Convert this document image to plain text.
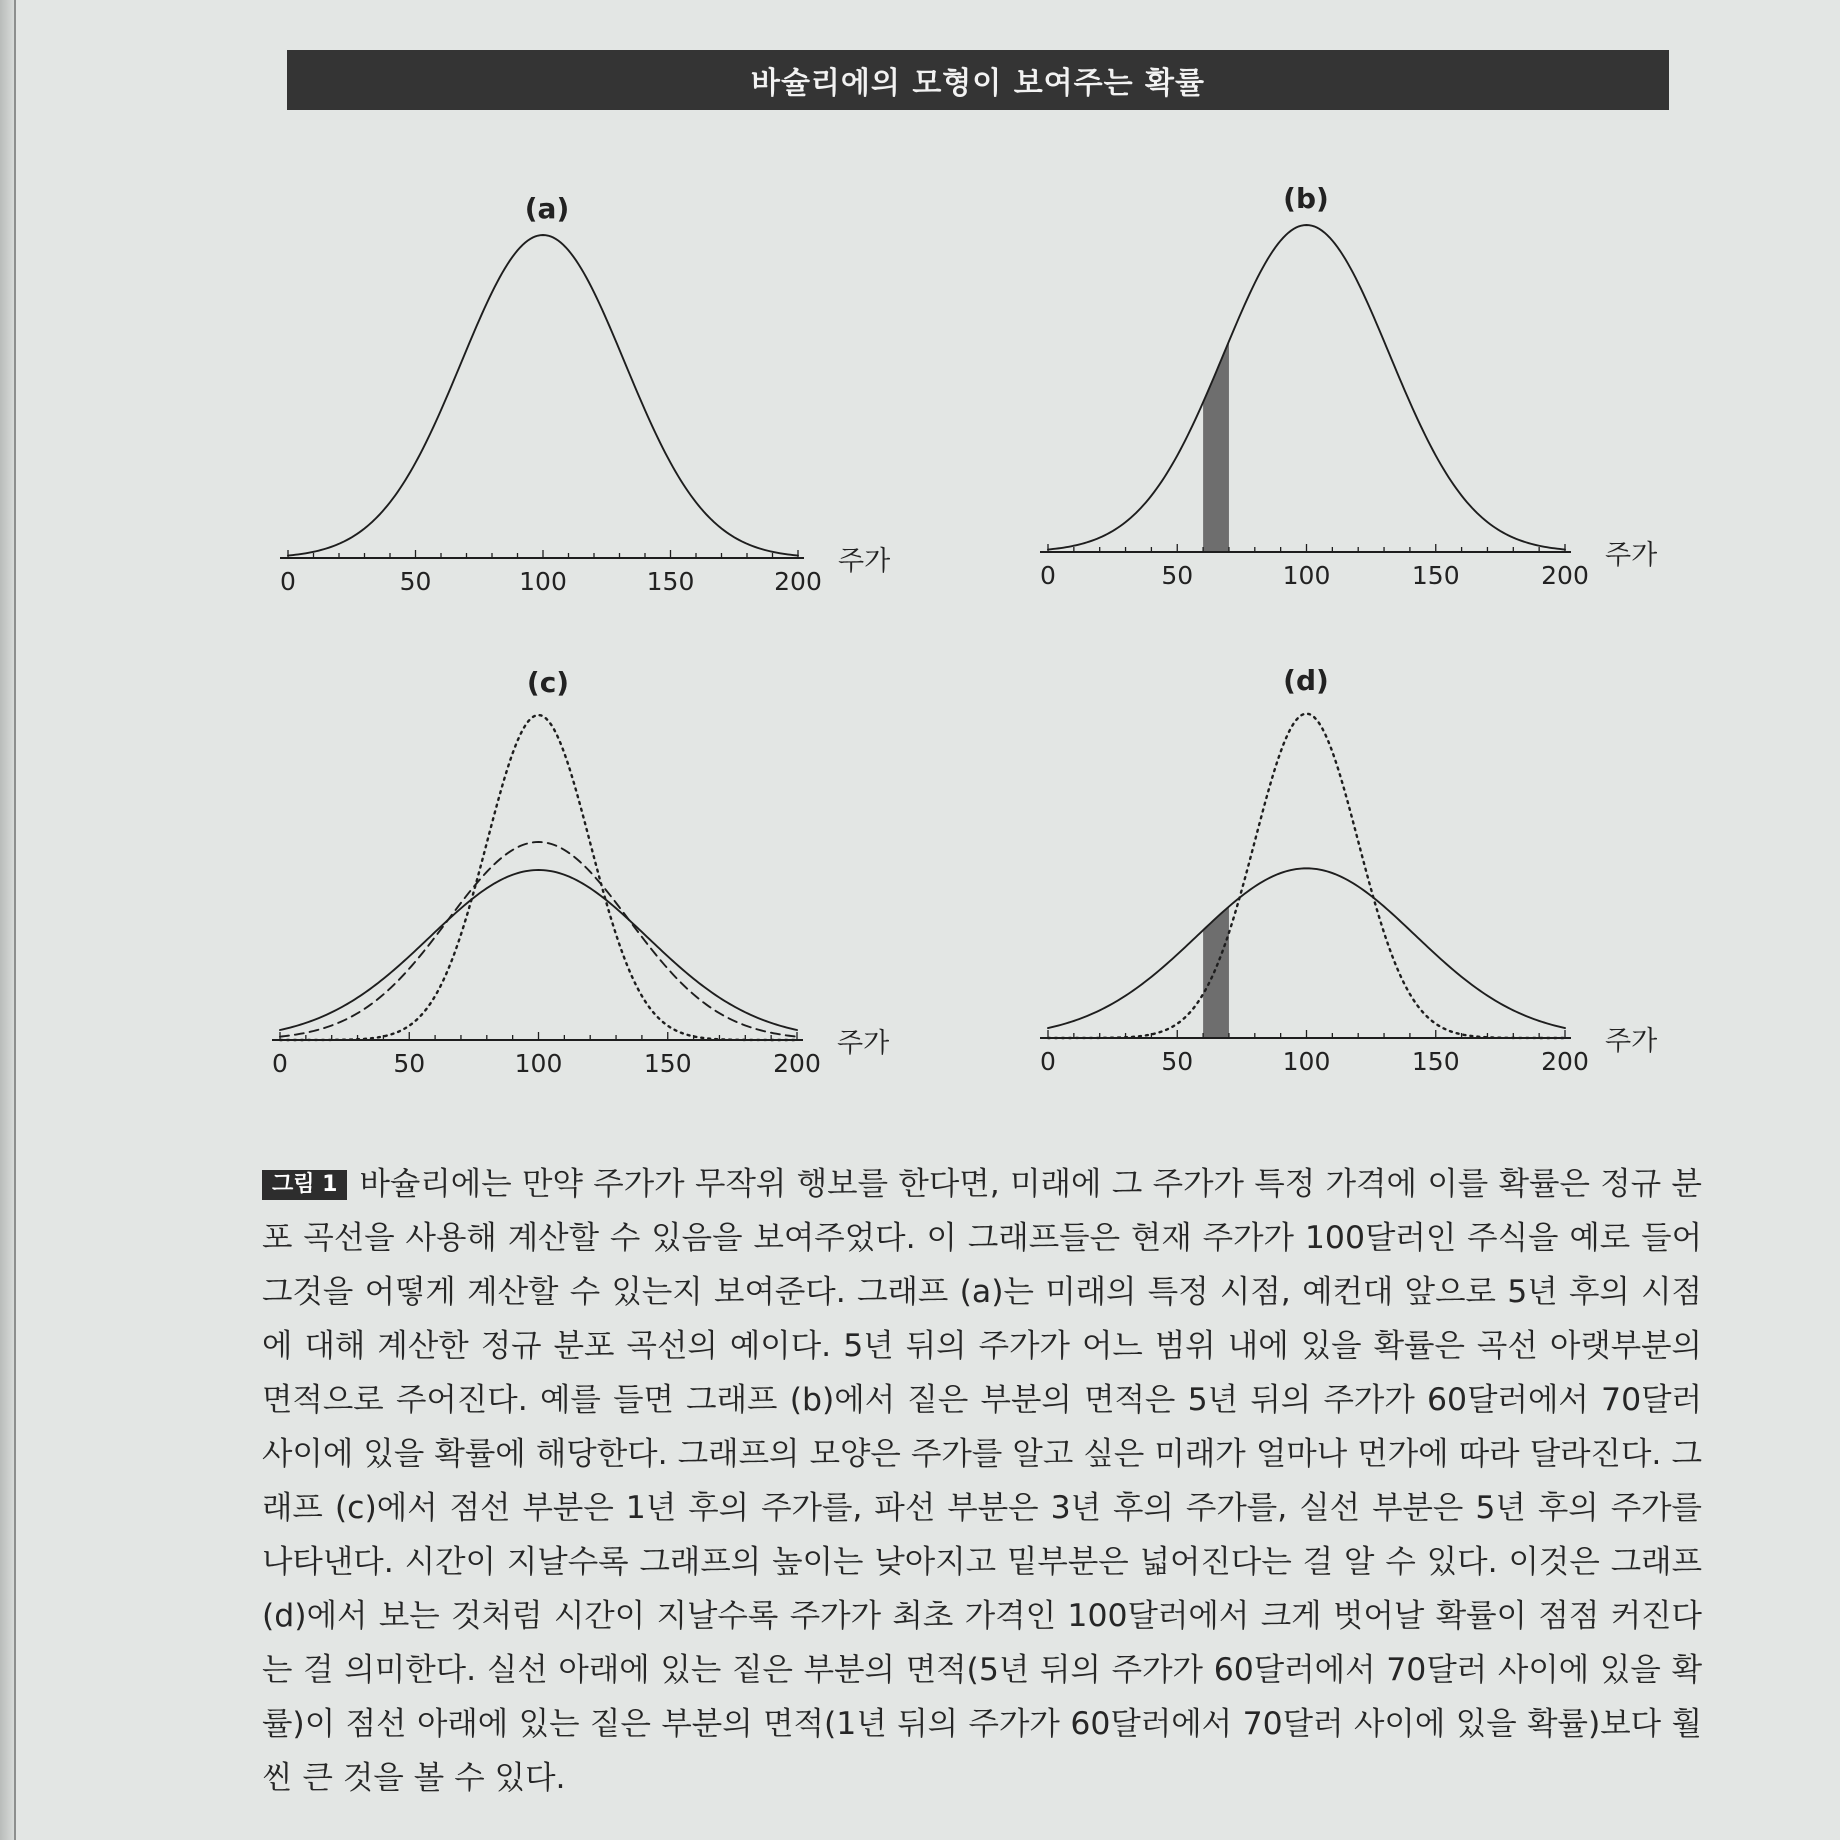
바슐리에의 모형이 보여주는 확률
(a)
0	50	100	150	200
주가
(b)
0	50	100	150	200
주가
(c)
0	50	100	150	200
주가
(d)
0	50	100	150	200
주가
그림 1 바슐리에는 만약 주가가 무작위 행보를 한다면, 미래에 그 주가가 특정 가격에 이를 확률은 정규 분포 곡선을 사용해 계산할 수 있음을 보여주었다. 이 그래프들은 현재 주가가 100달러인 주식을 예로 들어 그것을 어떻게 계산할 수 있는지 보여준다. 그래프 (a)는 미래의 특정 시점, 예컨대 앞으로 5년 후의 시점에 대해 계산한 정규 분포 곡선의 예이다. 5년 뒤의 주가가 어느 범위 내에 있을 확률은 곡선 아랫부분의 면적으로 주어진다. 예를 들면 그래프 (b)에서 짙은 부분의 면적은 5년 뒤의 주가가 60달러에서 70달러 사이에 있을 확률에 해당한다. 그래프의 모양은 주가를 알고 싶은 미래가 얼마나 먼가에 따라 달라진다. 그래프 (c)에서 점선 부분은 1년 후의 주가를, 파선 부분은 3년 후의 주가를, 실선 부분은 5년 후의 주가를 나타낸다. 시간이 지날수록 그래프의 높이는 낮아지고 밑부분은 넓어진다는 걸 알 수 있다. 이것은 그래프 (d)에서 보는 것처럼 시간이 지날수록 주가가 최초 가격인 100달러에서 크게 벗어날 확률이 점점 커진다는 걸 의미한다. 실선 아래에 있는 짙은 부분의 면적(5년 뒤의 주가가 60달러에서 70달러 사이에 있을 확률)이 점선 아래에 있는 짙은 부분의 면적(1년 뒤의 주가가 60달러에서 70달러 사이에 있을 확률)보다 훨씬 큰 것을 볼 수 있다.
